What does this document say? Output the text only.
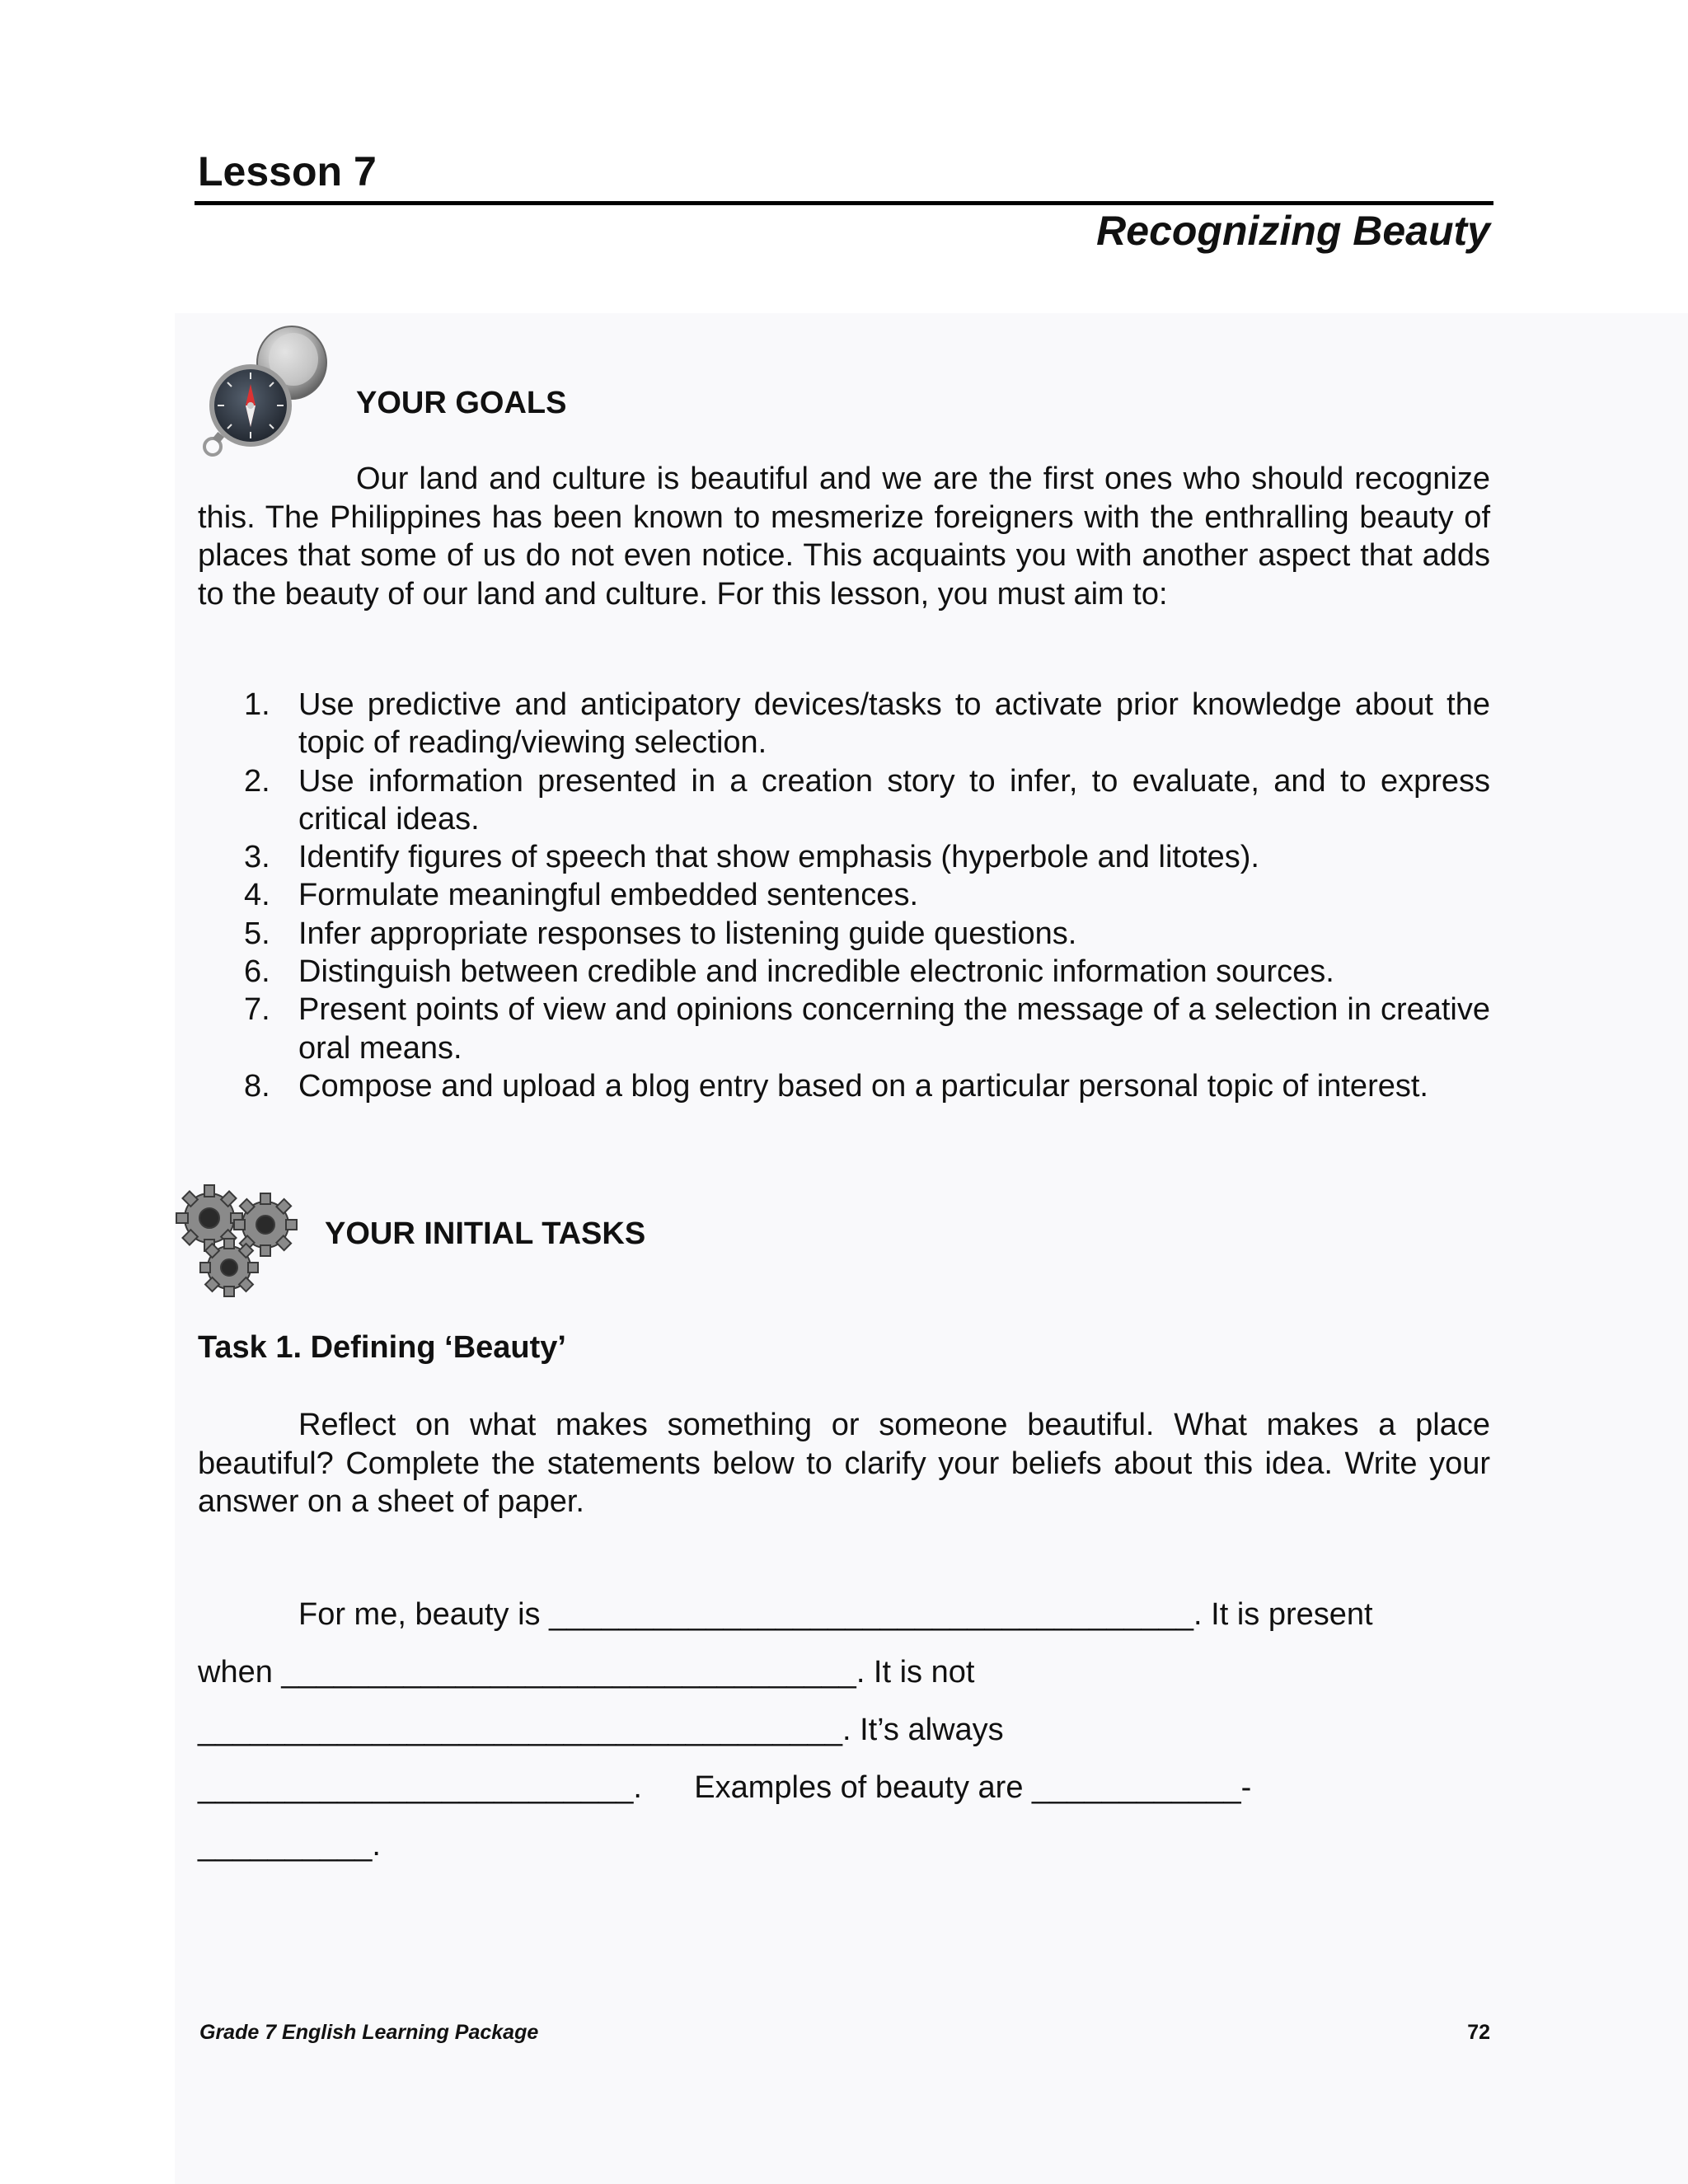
Lesson 7
Recognizing Beauty
YOUR GOALS

Our land and culture is beautiful and we are the first ones who should recognize this. The Philippines has been known to mesmerize foreigners with the enthralling beauty of places that some of us do not even notice. This acquaints you with another aspect that adds to the beauty of our land and culture. For this lesson, you must aim to:

1. Use predictive and anticipatory devices/tasks to activate prior knowledge about the topic of reading/viewing selection.
2. Use information presented in a creation story to infer, to evaluate, and to express critical ideas.
3. Identify figures of speech that show emphasis (hyperbole and litotes).
4. Formulate meaningful embedded sentences.
5. Infer appropriate responses to listening guide questions.
6. Distinguish between credible and incredible electronic information sources.
7. Present points of view and opinions concerning the message of a selection in creative oral means.
8. Compose and upload a blog entry based on a particular personal topic of interest.
YOUR INITIAL TASKS
Task 1. Defining ‘Beauty’

Reflect on what makes something or someone beautiful. What makes a place beautiful? Complete the statements below to clarify your beliefs about this idea. Write your answer on a sheet of paper.

For me, beauty is _____________________________________. It is present
when _________________________________. It is not
_____________________________________. It’s always
_________________________.      Examples of beauty are ____________-
__________.
Grade 7 English Learning Package	72
